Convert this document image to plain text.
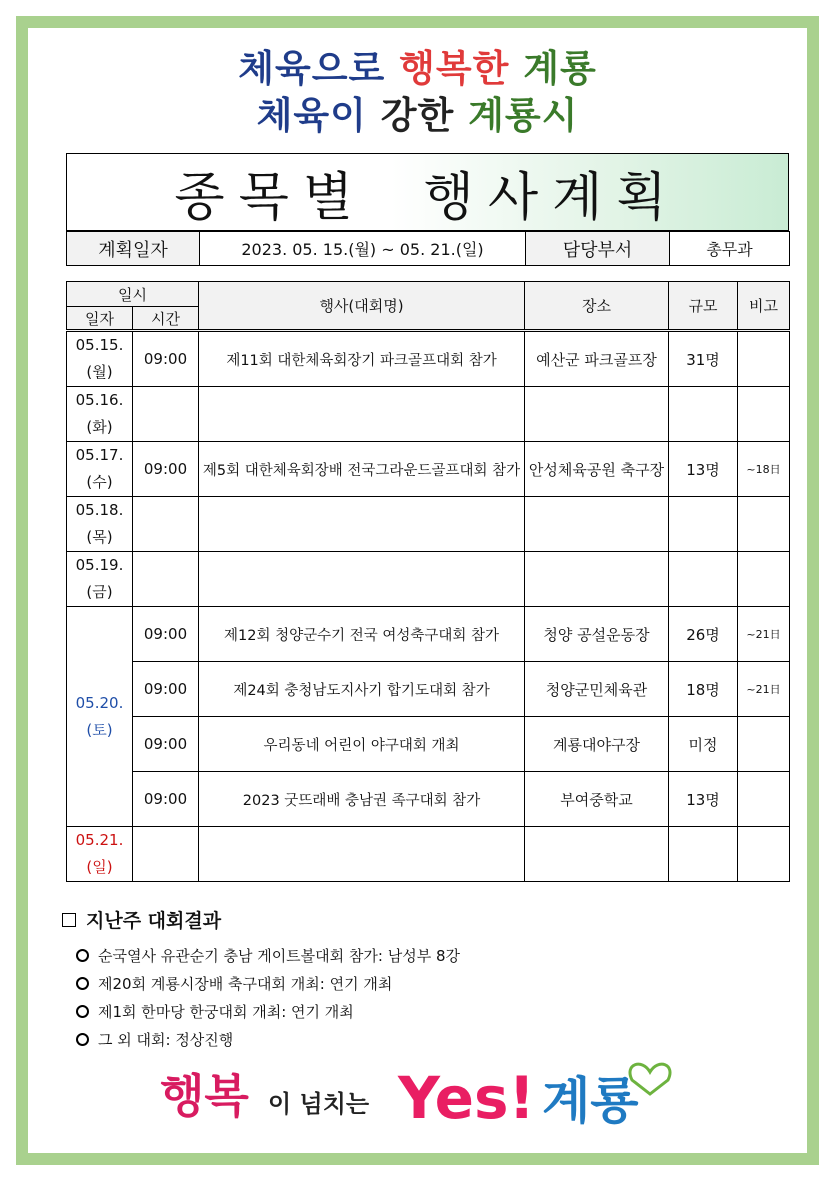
체육으로 행복한 계룡
체육이 강한 계룡시
종목별 행사계획
계획일자	2023. 05. 15.(월) ~ 05. 21.(일)	담당부서	총무과
일시		행사(대회명)	장소	규모	비고
일자	시간				

05.15.
(월)	09:00	제11회 대한체육회장기 파크골프대회 참가	예산군 파크골프장	31명	

05.16.
(화)					

05.17.
(수)	09:00	제5회 대한체육회장배 전국그라운드골프대회 참가	안성체육공원 축구장	13명	~18日

05.18.
(목)					

05.19.
(금)					

05.20.
(토)	09:00	제12회 청양군수기 전국 여성축구대회 참가	청양 공설운동장	26명	~21日
	09:00	제24회 충청남도지사기 합기도대회 참가	청양군민체육관	18명	~21日
	09:00	우리동네 어린이 야구대회 개최	계룡대야구장	미정	
	09:00	2023 굿뜨래배 충남권 족구대회 참가	부여중학교	13명	

05.21.
(일)					

지난주 대회결과
순국열사 유관순기 충남 게이트볼대회 참가: 남성부 8강
제20회 계룡시장배 축구대회 개최: 연기 개최
제1회 한마당 한궁대회 개최: 연기 개최
그 외 대회: 정상진행
행복 이 넘치는 Yes! 계룡
